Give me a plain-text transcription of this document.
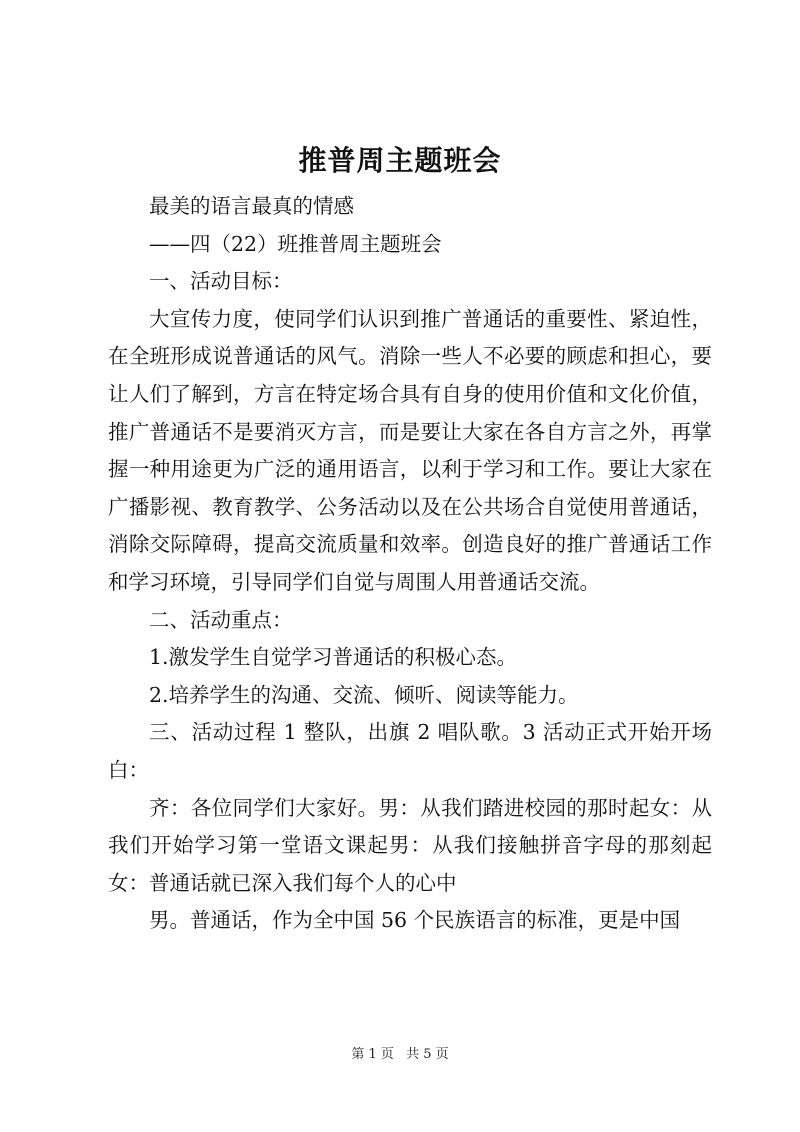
推普周主题班会

最美的语言最真的情感

——四（22）班推普周主题班会

一、活动目标：

大宣传力度，使同学们认识到推广普通话的重要性、紧迫性，在全班形成说普通话的风气。消除一些人不必要的顾虑和担心，要让人们了解到，方言在特定场合具有自身的使用价值和文化价值，推广普通话不是要消灭方言，而是要让大家在各自方言之外，再掌握一种用途更为广泛的通用语言，以利于学习和工作。要让大家在广播影视、教育教学、公务活动以及在公共场合自觉使用普通话，消除交际障碍，提高交流质量和效率。创造良好的推广普通话工作和学习环境，引导同学们自觉与周围人用普通话交流。

二、活动重点：

1.激发学生自觉学习普通话的积极心态。

2.培养学生的沟通、交流、倾听、阅读等能力。

三、活动过程 1 整队，出旗 2 唱队歌。3 活动正式开始开场白：

齐：各位同学们大家好。男：从我们踏进校园的那时起女：从我们开始学习第一堂语文课起男：从我们接触拼音字母的那刻起女：普通话就已深入我们每个人的心中

男。普通话，作为全中国 56 个民族语言的标准，更是中国

第 1 页 共 5 页
